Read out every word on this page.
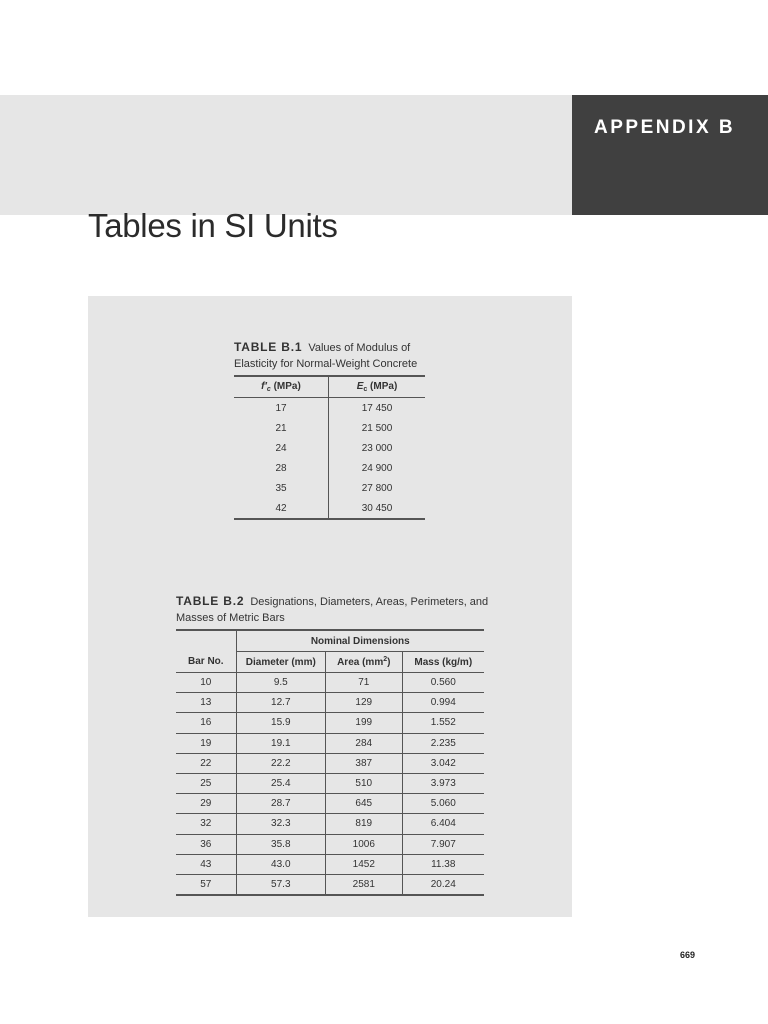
Tables in SI Units
APPENDIX B
TABLE B.1 Values of Modulus of Elasticity for Normal-Weight Concrete
$f'_c$ (MPa)	$E_c$ (MPa)
17	17 450
21	21 500
24	23 000
28	24 900
35	27 800
42	30 450
TABLE B.2 Designations, Diameters, Areas, Perimeters, and Masses of Metric Bars
	Nominal Dimensions		
Bar No.	Diameter (mm)	Area $(mm^2)$	Mass (kg/m)
10	9.5	71	0.560
13	12.7	129	0.994
16	15.9	199	1.552
19	19.1	284	2.235
22	22.2	387	3.042
25	25.4	510	3.973
29	28.7	645	5.060
32	32.3	819	6.404
36	35.8	1006	7.907
43	43.0	1452	11.38
57	57.3	2581	20.24
669
